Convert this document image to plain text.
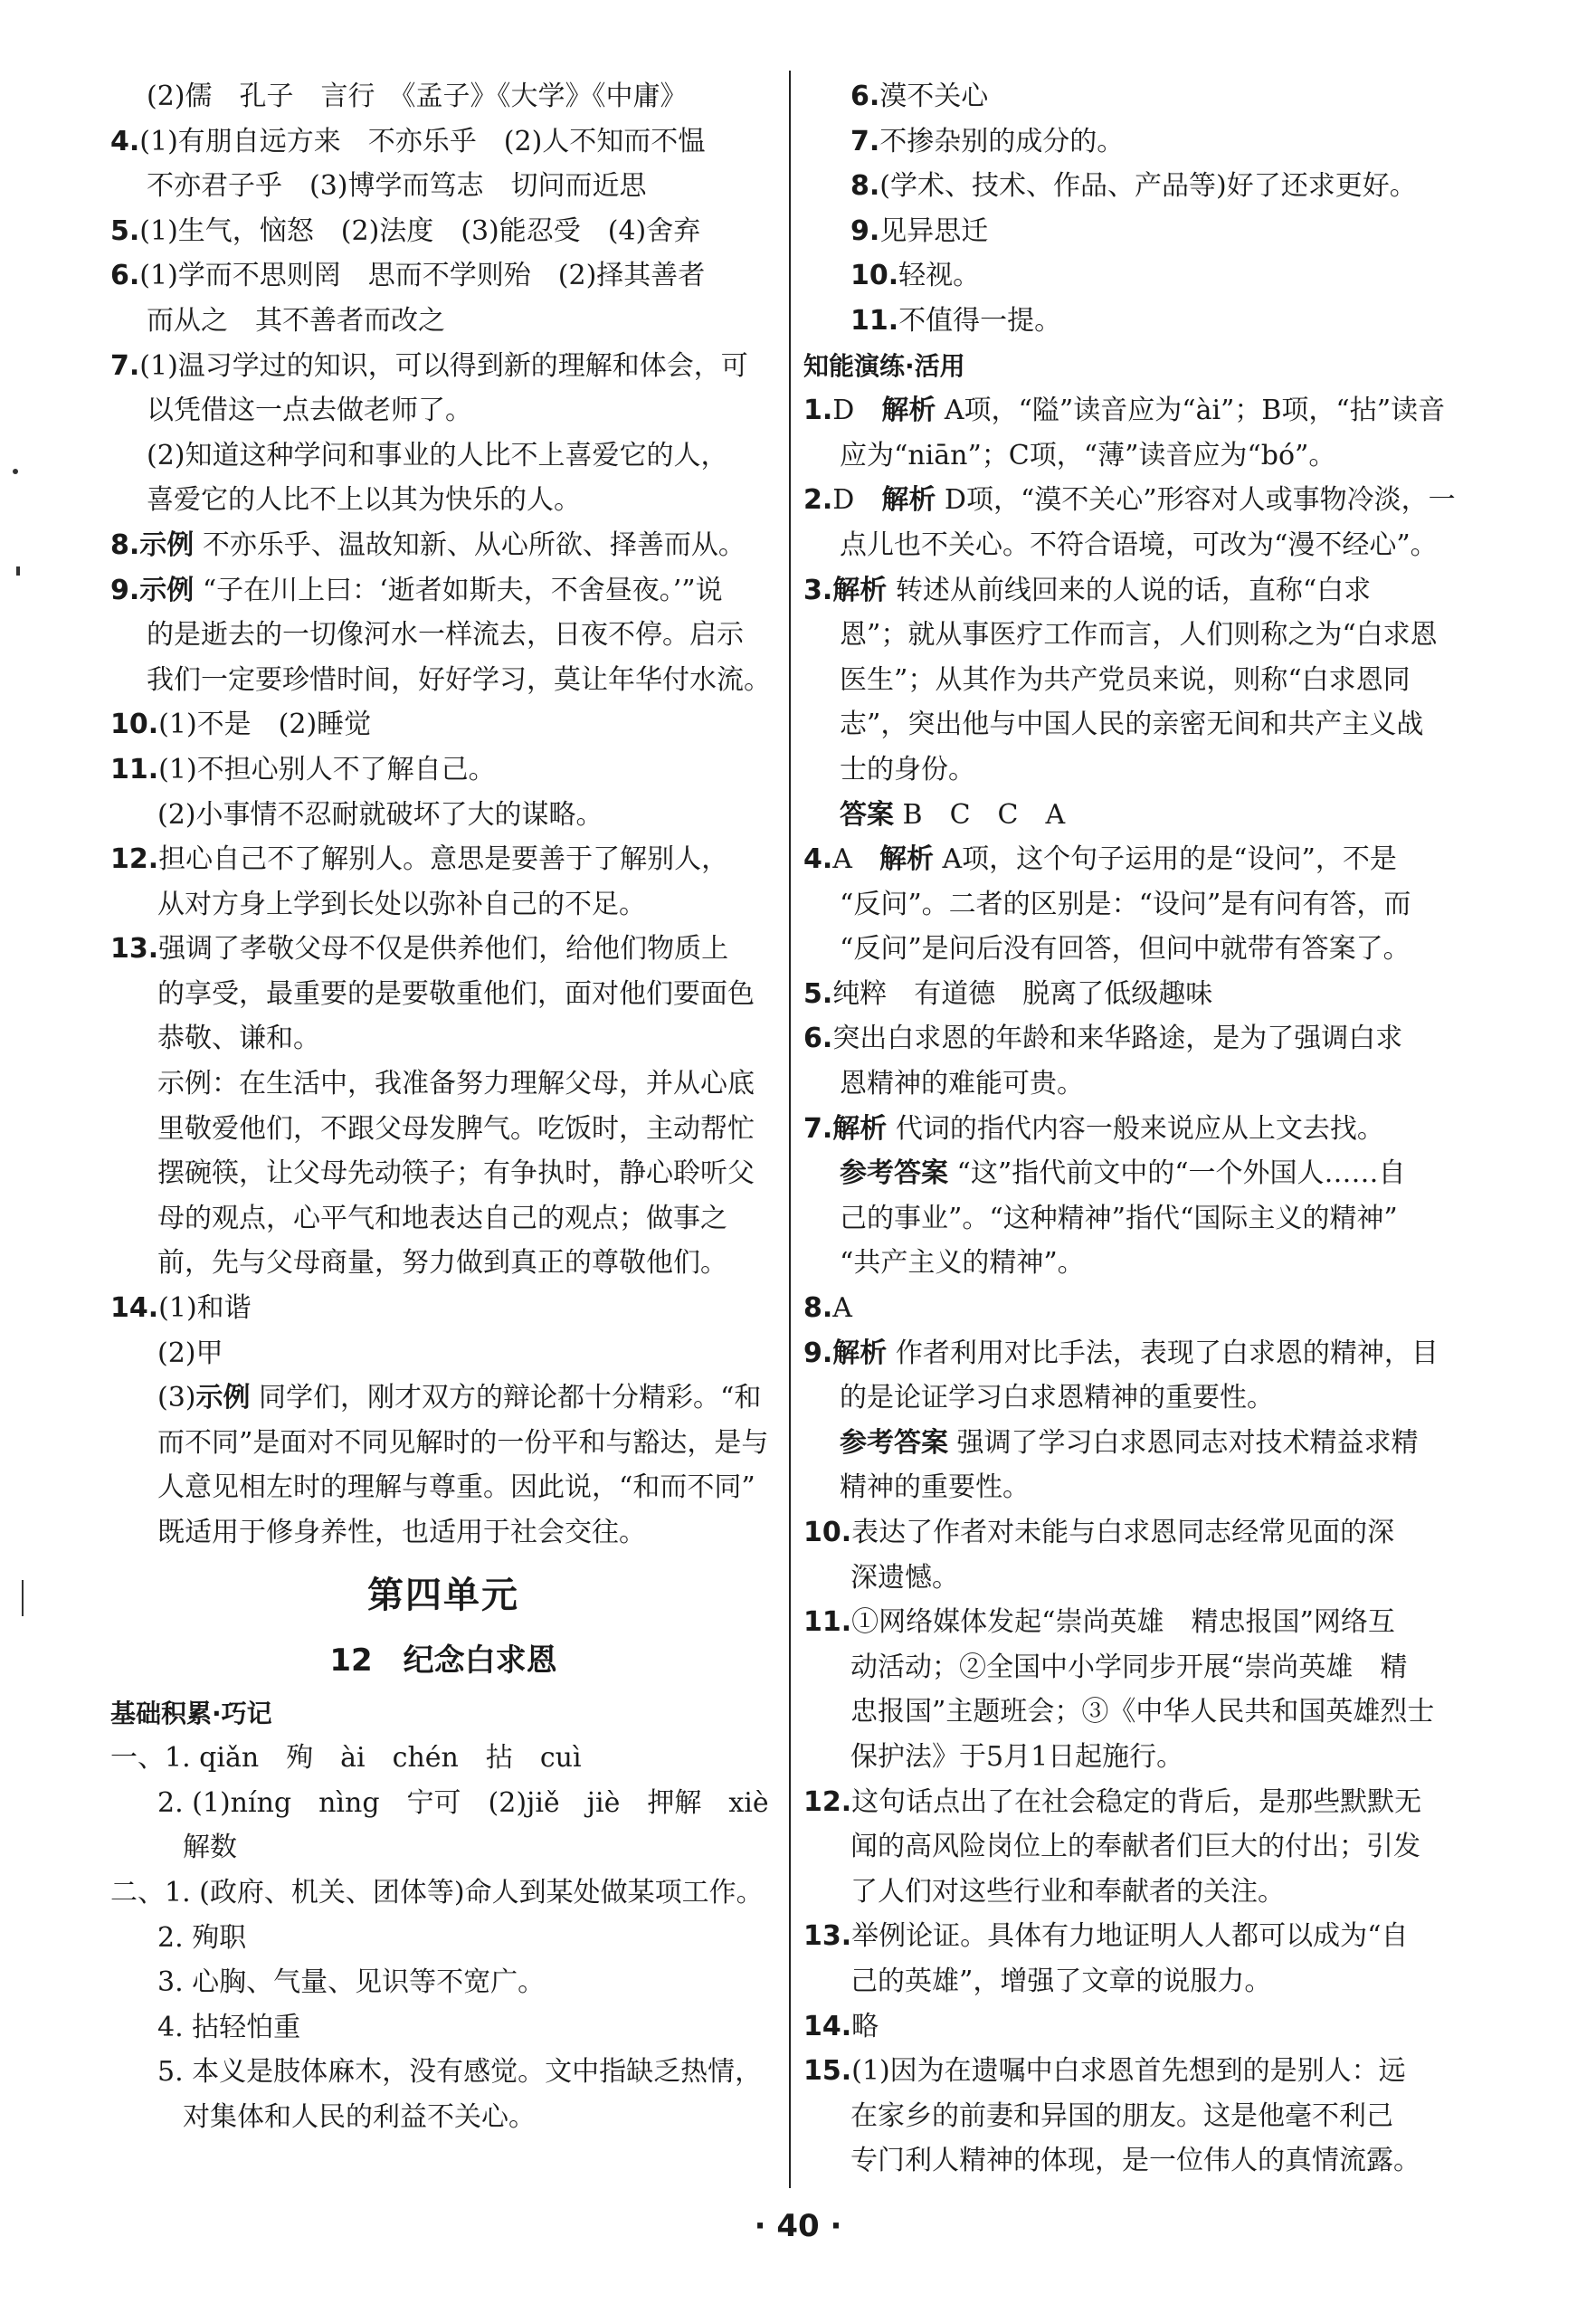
(2)儒　孔子　言行　《孟子》《大学》《中庸》
4.(1)有朋自远方来　不亦乐乎　(2)人不知而不愠
不亦君子乎　(3)博学而笃志　切问而近思
5.(1)生气，恼怒　(2)法度　(3)能忍受　(4)舍弃
6.(1)学而不思则罔　思而不学则殆　(2)择其善者
而从之　其不善者而改之
7.(1)温习学过的知识，可以得到新的理解和体会，可
以凭借这一点去做老师了。
(2)知道这种学问和事业的人比不上喜爱它的人，
喜爱它的人比不上以其为快乐的人。
8.示例 不亦乐乎、温故知新、从心所欲、择善而从。
9.示例 “子在川上曰：‘逝者如斯夫，不舍昼夜。’”说
的是逝去的一切像河水一样流去，日夜不停。启示
我们一定要珍惜时间，好好学习，莫让年华付水流。
10.(1)不是　(2)睡觉
11.(1)不担心别人不了解自己。
(2)小事情不忍耐就破坏了大的谋略。
12.担心自己不了解别人。意思是要善于了解别人，
从对方身上学到长处以弥补自己的不足。
13.强调了孝敬父母不仅是供养他们，给他们物质上
的享受，最重要的是要敬重他们，面对他们要面色
恭敬、谦和。
示例：在生活中，我准备努力理解父母，并从心底
里敬爱他们，不跟父母发脾气。吃饭时，主动帮忙
摆碗筷，让父母先动筷子；有争执时，静心聆听父
母的观点，心平气和地表达自己的观点；做事之
前，先与父母商量，努力做到真正的尊敬他们。
14.(1)和谐
(2)甲
(3)示例 同学们，刚才双方的辩论都十分精彩。“和
而不同”是面对不同见解时的一份平和与豁达，是与
人意见相左时的理解与尊重。因此说，“和而不同”
既适用于修身养性，也适用于社会交往。
第四单元
12　纪念白求恩
基础积累·巧记
一、1. qiǎn　殉　ài　chén　拈　cuì
2. (1)níng　nìng　宁可　(2)jiě　jiè　押解　xiè
解数
二、1. (政府、机关、团体等)命人到某处做某项工作。
2. 殉职
3. 心胸、气量、见识等不宽广。
4. 拈轻怕重
5. 本义是肢体麻木，没有感觉。文中指缺乏热情，
对集体和人民的利益不关心。
6.漠不关心
7.不掺杂别的成分的。
8.(学术、技术、作品、产品等)好了还求更好。
9.见异思迁
10.轻视。
11.不值得一提。
知能演练·活用
1.D　解析 A项，“隘”读音应为“ài”；B项，“拈”读音
应为“niān”；C项，“薄”读音应为“bó”。
2.D　解析 D项，“漠不关心”形容对人或事物冷淡，一
点儿也不关心。不符合语境，可改为“漫不经心”。
3.解析 转述从前线回来的人说的话，直称“白求
恩”；就从事医疗工作而言，人们则称之为“白求恩
医生”；从其作为共产党员来说，则称“白求恩同
志”，突出他与中国人民的亲密无间和共产主义战
士的身份。
答案 B　C　C　A
4.A　解析 A项，这个句子运用的是“设问”，不是
“反问”。二者的区别是：“设问”是有问有答，而
“反问”是问后没有回答，但问中就带有答案了。
5.纯粹　有道德　脱离了低级趣味
6.突出白求恩的年龄和来华路途，是为了强调白求
恩精神的难能可贵。
7.解析 代词的指代内容一般来说应从上文去找。
参考答案 “这”指代前文中的“一个外国人……自
己的事业”。“这种精神”指代“国际主义的精神”
“共产主义的精神”。
8.A
9.解析 作者利用对比手法，表现了白求恩的精神，目
的是论证学习白求恩精神的重要性。
参考答案 强调了学习白求恩同志对技术精益求精
精神的重要性。
10.表达了作者对未能与白求恩同志经常见面的深
深遗憾。
11.①网络媒体发起“崇尚英雄　精忠报国”网络互
动活动；②全国中小学同步开展“崇尚英雄　精
忠报国”主题班会；③《中华人民共和国英雄烈士
保护法》于5月1日起施行。
12.这句话点出了在社会稳定的背后，是那些默默无
闻的高风险岗位上的奉献者们巨大的付出；引发
了人们对这些行业和奉献者的关注。
13.举例论证。具体有力地证明人人都可以成为“自
己的英雄”，增强了文章的说服力。
14.略
15.(1)因为在遗嘱中白求恩首先想到的是别人：远
在家乡的前妻和异国的朋友。这是他毫不利己
专门利人精神的体现，是一位伟人的真情流露。
· 40 ·
